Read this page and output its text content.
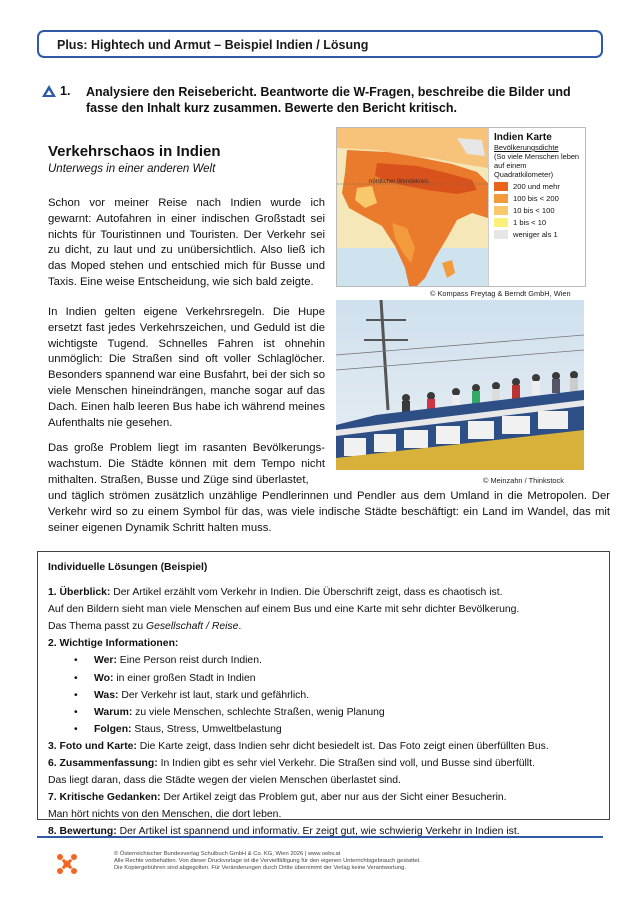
Plus: Hightech und Armut – Beispiel Indien / Lösung
1. Analysiere den Reisebericht. Beantworte die W-Fragen, beschreibe die Bilder und fasse den Inhalt kurz zusammen. Bewerte den Bericht kritisch.
Verkehrschaos in Indien
Unterwegs in einer anderen Welt
Schon vor meiner Reise nach Indien wurde ich gewarnt: Autofahren in einer indischen Großstadt sei nichts für Touristinnen und Touristen. Der Verkehr sei zu dicht, zu laut und zu unübersichtlich. Also ließ ich das Moped stehen und entschied mich für Busse und Taxis. Eine weise Entscheidung, wie sich bald zeigte.
In Indien gelten eigene Verkehrsregeln. Die Hupe ersetzt fast jedes Verkehrszeichen, und Geduld ist die wichtigste Tugend. Schnelles Fahren ist ohnehin unmöglich: Die Straßen sind oft voller Schlaglöcher. Besonders spannend war eine Busfahrt, bei der sich so viele Menschen hineindrängen, manche sogar auf das Dach. Einen halb leeren Bus habe ich während meines Aufenthalts nie gesehen.
Das große Problem liegt im rasanten Bevölkerungs-wachstum. Die Städte können mit dem Tempo nicht mithalten. Straßen, Busse und Züge sind überlastet,
und täglich strömen zusätzlich unzählige Pendlerinnen und Pendler aus dem Umland in die Metropolen. Der Verkehr wird so zu einem Symbol für das, was viele indische Städte beschäftigt: ein Land im Wandel, das mit seiner eigenen Dynamik Schritt halten muss.
nördlicher Wendekreis
Indien Karte
Bevölkerungsdichte
(So viele Menschen leben auf einem Quadratkilometer)
200 und mehr
100 bis < 200
10 bis < 100
1 bis < 10
weniger als 1
© Kompass Freytag & Berndt GmbH, Wien
© Meinzahn / Thinkstock
Individuelle Lösungen (Beispiel)
1. Überblick: Der Artikel erzählt vom Verkehr in Indien. Die Überschrift zeigt, dass es chaotisch ist.
Auf den Bildern sieht man viele Menschen auf einem Bus und eine Karte mit sehr dichter Bevölkerung.
Das Thema passt zu Gesellschaft / Reise.
2. Wichtige Informationen:
• Wer: Eine Person reist durch Indien.
• Wo: in einer großen Stadt in Indien
• Was: Der Verkehr ist laut, stark und gefährlich.
• Warum: zu viele Menschen, schlechte Straßen, wenig Planung
• Folgen: Staus, Stress, Umweltbelastung
3. Foto und Karte: Die Karte zeigt, dass Indien sehr dicht besiedelt ist. Das Foto zeigt einen überfüllten Bus.
6. Zusammenfassung: In Indien gibt es sehr viel Verkehr. Die Straßen sind voll, und Busse sind überfüllt.
Das liegt daran, dass die Städte wegen der vielen Menschen überlastet sind.
7. Kritische Gedanken: Der Artikel zeigt das Problem gut, aber nur aus der Sicht einer Besucherin.
Man hört nichts von den Menschen, die dort leben.
8. Bewertung: Der Artikel ist spannend und informativ. Er zeigt gut, wie schwierig Verkehr in Indien ist.
© Österreichischer Bundesverlag Schulbuch GmbH & Co. KG, Wien 2026 | www.oebv.at
Alle Rechte vorbehalten. Von dieser Druckvorlage ist die Vervielfältigung für den eigenen Unterrichtsgebrauch gestattet.
Die Kopiergebühren sind abgegolten. Für Veränderungen durch Dritte übernimmt der Verlag keine Verantwortung.
